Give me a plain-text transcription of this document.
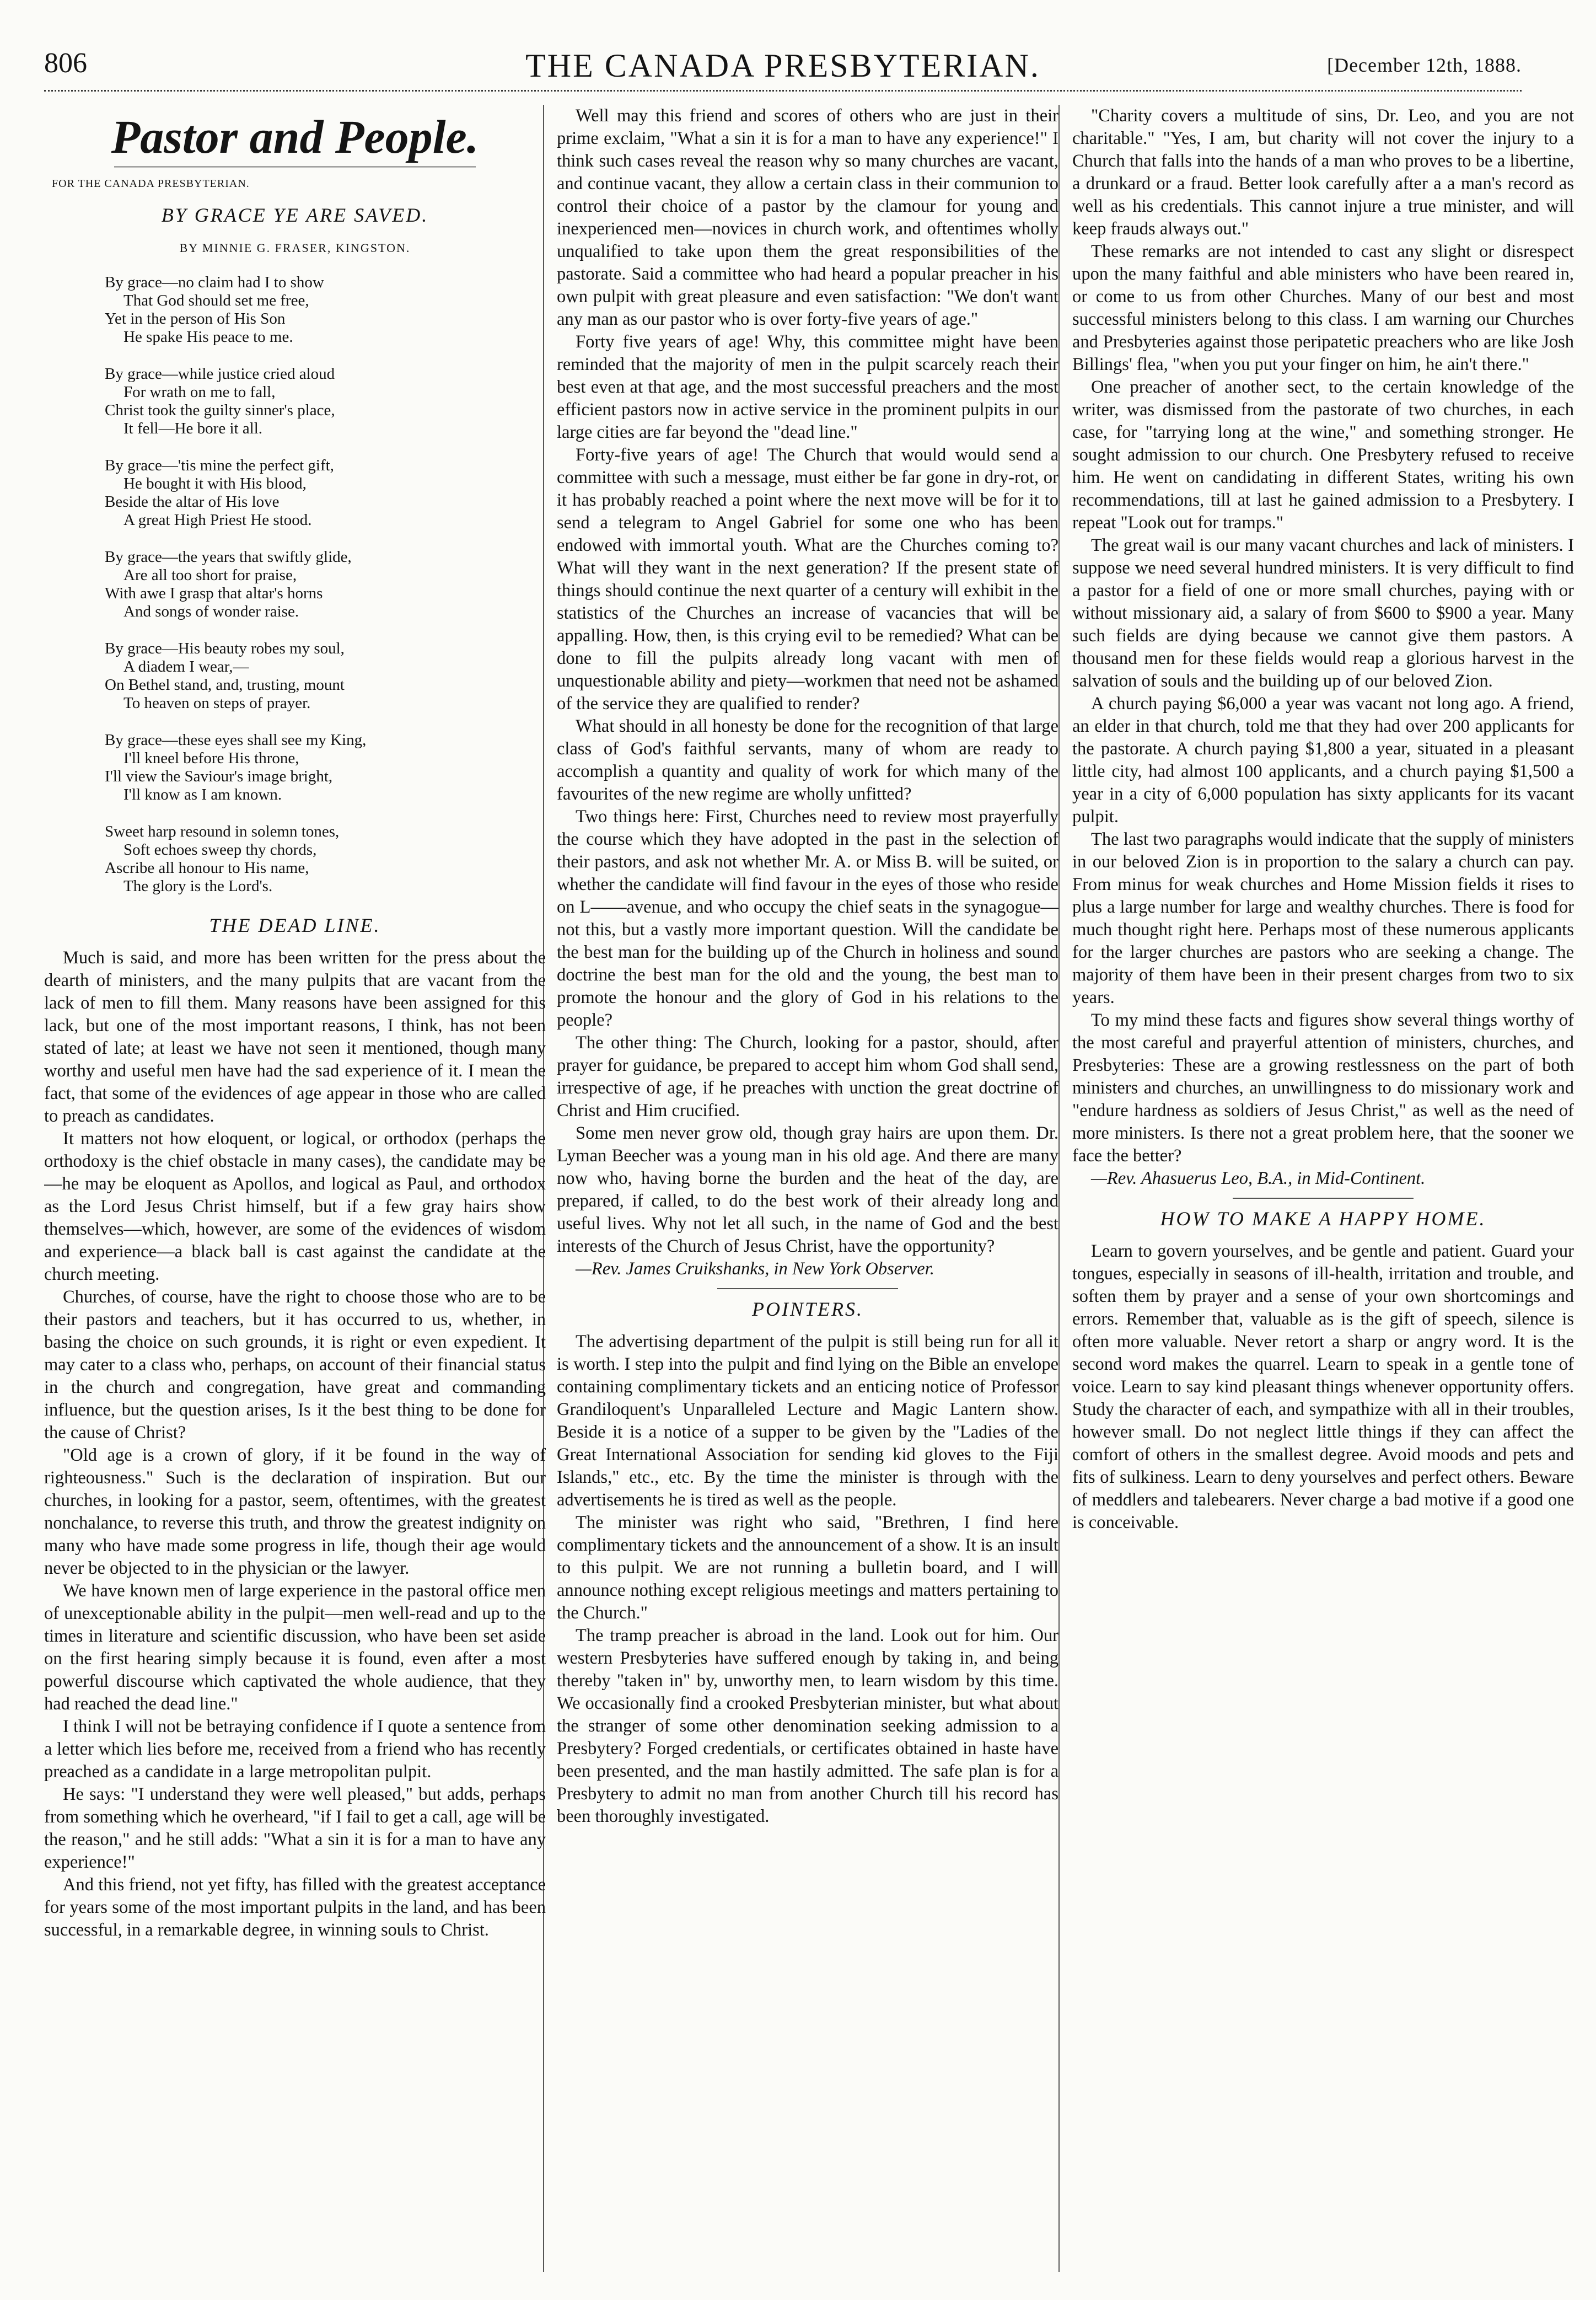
806	THE CANADA PRESBYTERIAN.	[December 12th, 1888.
Pastor and People.
FOR THE CANADA PRESBYTERIAN.
BY GRACE YE ARE SAVED.
BY MINNIE G. FRASER, KINGSTON.
By grace—no claim had I to show
That God should set me free,
Yet in the person of His Son
He spake His peace to me.
By grace—while justice cried aloud
For wrath on me to fall,
Christ took the guilty sinner's place,
It fell—He bore it all.
By grace—'tis mine the perfect gift,
He bought it with His blood,
Beside the altar of His love
A great High Priest He stood.
By grace—the years that swiftly glide,
Are all too short for praise,
With awe I grasp that altar's horns
And songs of wonder raise.
By grace—His beauty robes my soul,
A diadem I wear,—
On Bethel stand, and, trusting, mount
To heaven on steps of prayer.
By grace—these eyes shall see my King,
I'll kneel before His throne,
I'll view the Saviour's image bright,
I'll know as I am known.
Sweet harp resound in solemn tones,
Soft echoes sweep thy chords,
Ascribe all honour to His name,
The glory is the Lord's.
THE DEAD LINE.

Much is said, and more has been written for the press about the dearth of ministers, and the many pulpits that are vacant from the lack of men to fill them. Many reasons have been assigned for this lack, but one of the most important reasons, I think, has not been stated of late; at least we have not seen it mentioned, though many worthy and useful men have had the sad experience of it. I mean the fact, that some of the evidences of age appear in those who are called to preach as candidates.

It matters not how eloquent, or logical, or orthodox (perhaps the orthodoxy is the chief obstacle in many cases), the candidate may be—he may be eloquent as Apollos, and logical as Paul, and orthodox as the Lord Jesus Christ himself, but if a few gray hairs show themselves—which, however, are some of the evidences of wisdom and experience—a black ball is cast against the candidate at the church meeting.

Churches, of course, have the right to choose those who are to be their pastors and teachers, but it has occurred to us, whether, in basing the choice on such grounds, it is right or even expedient. It may cater to a class who, perhaps, on account of their financial status in the church and congregation, have great and commanding influence, but the question arises, Is it the best thing to be done for the cause of Christ?

"Old age is a crown of glory, if it be found in the way of righteousness." Such is the declaration of inspiration. But our churches, in looking for a pastor, seem, oftentimes, with the greatest nonchalance, to reverse this truth, and throw the greatest indignity on many who have made some progress in life, though their age would never be objected to in the physician or the lawyer.

We have known men of large experience in the pastoral office men of unexceptionable ability in the pulpit—men well-read and up to the times in literature and scientific discussion, who have been set aside on the first hearing simply because it is found, even after a most powerful discourse which captivated the whole audience, that they had reached the dead line."

I think I will not be betraying confidence if I quote a sentence from a letter which lies before me, received from a friend who has recently preached as a candidate in a large metropolitan pulpit.

He says: "I understand they were well pleased," but adds, perhaps from something which he overheard, "if I fail to get a call, age will be the reason," and he still adds: "What a sin it is for a man to have any experience!"

And this friend, not yet fifty, has filled with the greatest acceptance for years some of the most important pulpits in the land, and has been successful, in a remarkable degree, in winning souls to Christ.

Well may this friend and scores of others who are just in their prime exclaim, "What a sin it is for a man to have any experience!" I think such cases reveal the reason why so many churches are vacant, and continue vacant, they allow a certain class in their communion to control their choice of a pastor by the clamour for young and inexperienced men—novices in church work, and oftentimes wholly unqualified to take upon them the great responsibilities of the pastorate. Said a committee who had heard a popular preacher in his own pulpit with great pleasure and even satisfaction: "We don't want any man as our pastor who is over forty-five years of age."

Forty five years of age! Why, this committee might have been reminded that the majority of men in the pulpit scarcely reach their best even at that age, and the most successful preachers and the most efficient pastors now in active service in the prominent pulpits in our large cities are far beyond the "dead line."

Forty-five years of age! The Church that would would send a committee with such a message, must either be far gone in dry-rot, or it has probably reached a point where the next move will be for it to send a telegram to Angel Gabriel for some one who has been endowed with immortal youth. What are the Churches coming to? What will they want in the next generation? If the present state of things should continue the next quarter of a century will exhibit in the statistics of the Churches an increase of vacancies that will be appalling. How, then, is this crying evil to be remedied? What can be done to fill the pulpits already long vacant with men of unquestionable ability and piety—workmen that need not be ashamed of the service they are qualified to render?

What should in all honesty be done for the recognition of that large class of God's faithful servants, many of whom are ready to accomplish a quantity and quality of work for which many of the favourites of the new regime are wholly unfitted?

Two things here: First, Churches need to review most prayerfully the course which they have adopted in the past in the selection of their pastors, and ask not whether Mr. A. or Miss B. will be suited, or whether the candidate will find favour in the eyes of those who reside on L——avenue, and who occupy the chief seats in the synagogue—not this, but a vastly more important question. Will the candidate be the best man for the building up of the Church in holiness and sound doctrine the best man for the old and the young, the best man to promote the honour and the glory of God in his relations to the people?

The other thing: The Church, looking for a pastor, should, after prayer for guidance, be prepared to accept him whom God shall send, irrespective of age, if he preaches with unction the great doctrine of Christ and Him crucified.

Some men never grow old, though gray hairs are upon them. Dr. Lyman Beecher was a young man in his old age. And there are many now who, having borne the burden and the heat of the day, are prepared, if called, to do the best work of their already long and useful lives. Why not let all such, in the name of God and the best interests of the Church of Jesus Christ, have the opportunity?

—Rev. James Cruikshanks, in New York Observer.

POINTERS.

The advertising department of the pulpit is still being run for all it is worth. I step into the pulpit and find lying on the Bible an envelope containing complimentary tickets and an enticing notice of Professor Grandiloquent's Unparalleled Lecture and Magic Lantern show. Beside it is a notice of a supper to be given by the "Ladies of the Great International Association for sending kid gloves to the Fiji Islands," etc., etc. By the time the minister is through with the advertisements he is tired as well as the people.

The minister was right who said, "Brethren, I find here complimentary tickets and the announcement of a show. It is an insult to this pulpit. We are not running a bulletin board, and I will announce nothing except religious meetings and matters pertaining to the Church."

The tramp preacher is abroad in the land. Look out for him. Our western Presbyteries have suffered enough by taking in, and being thereby "taken in" by, unworthy men, to learn wisdom by this time. We occasionally find a crooked Presbyterian minister, but what about the stranger of some other denomination seeking admission to a Presbytery? Forged credentials, or certificates obtained in haste have been presented, and the man hastily admitted. The safe plan is for a Presbytery to admit no man from another Church till his record has been thoroughly investigated.

"Charity covers a multitude of sins, Dr. Leo, and you are not charitable." "Yes, I am, but charity will not cover the injury to a Church that falls into the hands of a man who proves to be a libertine, a drunkard or a fraud. Better look carefully after a a man's record as well as his credentials. This cannot injure a true minister, and will keep frauds always out."

These remarks are not intended to cast any slight or disrespect upon the many faithful and able ministers who have been reared in, or come to us from other Churches. Many of our best and most successful ministers belong to this class. I am warning our Churches and Presbyteries against those peripatetic preachers who are like Josh Billings' flea, "when you put your finger on him, he ain't there."

One preacher of another sect, to the certain knowledge of the writer, was dismissed from the pastorate of two churches, in each case, for "tarrying long at the wine," and something stronger. He sought admission to our church. One Presbytery refused to receive him. He went on candidating in different States, writing his own recommendations, till at last he gained admission to a Presbytery. I repeat "Look out for tramps."

The great wail is our many vacant churches and lack of ministers. I suppose we need several hundred ministers. It is very difficult to find a pastor for a field of one or more small churches, paying with or without missionary aid, a salary of from $600 to $900 a year. Many such fields are dying because we cannot give them pastors. A thousand men for these fields would reap a glorious harvest in the salvation of souls and the building up of our beloved Zion.

A church paying $6,000 a year was vacant not long ago. A friend, an elder in that church, told me that they had over 200 applicants for the pastorate. A church paying $1,800 a year, situated in a pleasant little city, had almost 100 applicants, and a church paying $1,500 a year in a city of 6,000 population has sixty applicants for its vacant pulpit.

The last two paragraphs would indicate that the supply of ministers in our beloved Zion is in proportion to the salary a church can pay. From minus for weak churches and Home Mission fields it rises to plus a large number for large and wealthy churches. There is food for much thought right here. Perhaps most of these numerous applicants for the larger churches are pastors who are seeking a change. The majority of them have been in their present charges from two to six years.

To my mind these facts and figures show several things worthy of the most careful and prayerful attention of ministers, churches, and Presbyteries: These are a growing restlessness on the part of both ministers and churches, an unwillingness to do missionary work and "endure hardness as soldiers of Jesus Christ," as well as the need of more ministers. Is there not a great problem here, that the sooner we face the better?

—Rev. Ahasuerus Leo, B.A., in Mid-Continent.

HOW TO MAKE A HAPPY HOME.

Learn to govern yourselves, and be gentle and patient. Guard your tongues, especially in seasons of ill-health, irritation and trouble, and soften them by prayer and a sense of your own shortcomings and errors. Remember that, valuable as is the gift of speech, silence is often more valuable. Never retort a sharp or angry word. It is the second word makes the quarrel. Learn to speak in a gentle tone of voice. Learn to say kind pleasant things whenever opportunity offers. Study the character of each, and sympathize with all in their troubles, however small. Do not neglect little things if they can affect the comfort of others in the smallest degree. Avoid moods and pets and fits of sulkiness. Learn to deny yourselves and perfect others. Beware of meddlers and talebearers. Never charge a bad motive if a good one is conceivable.
